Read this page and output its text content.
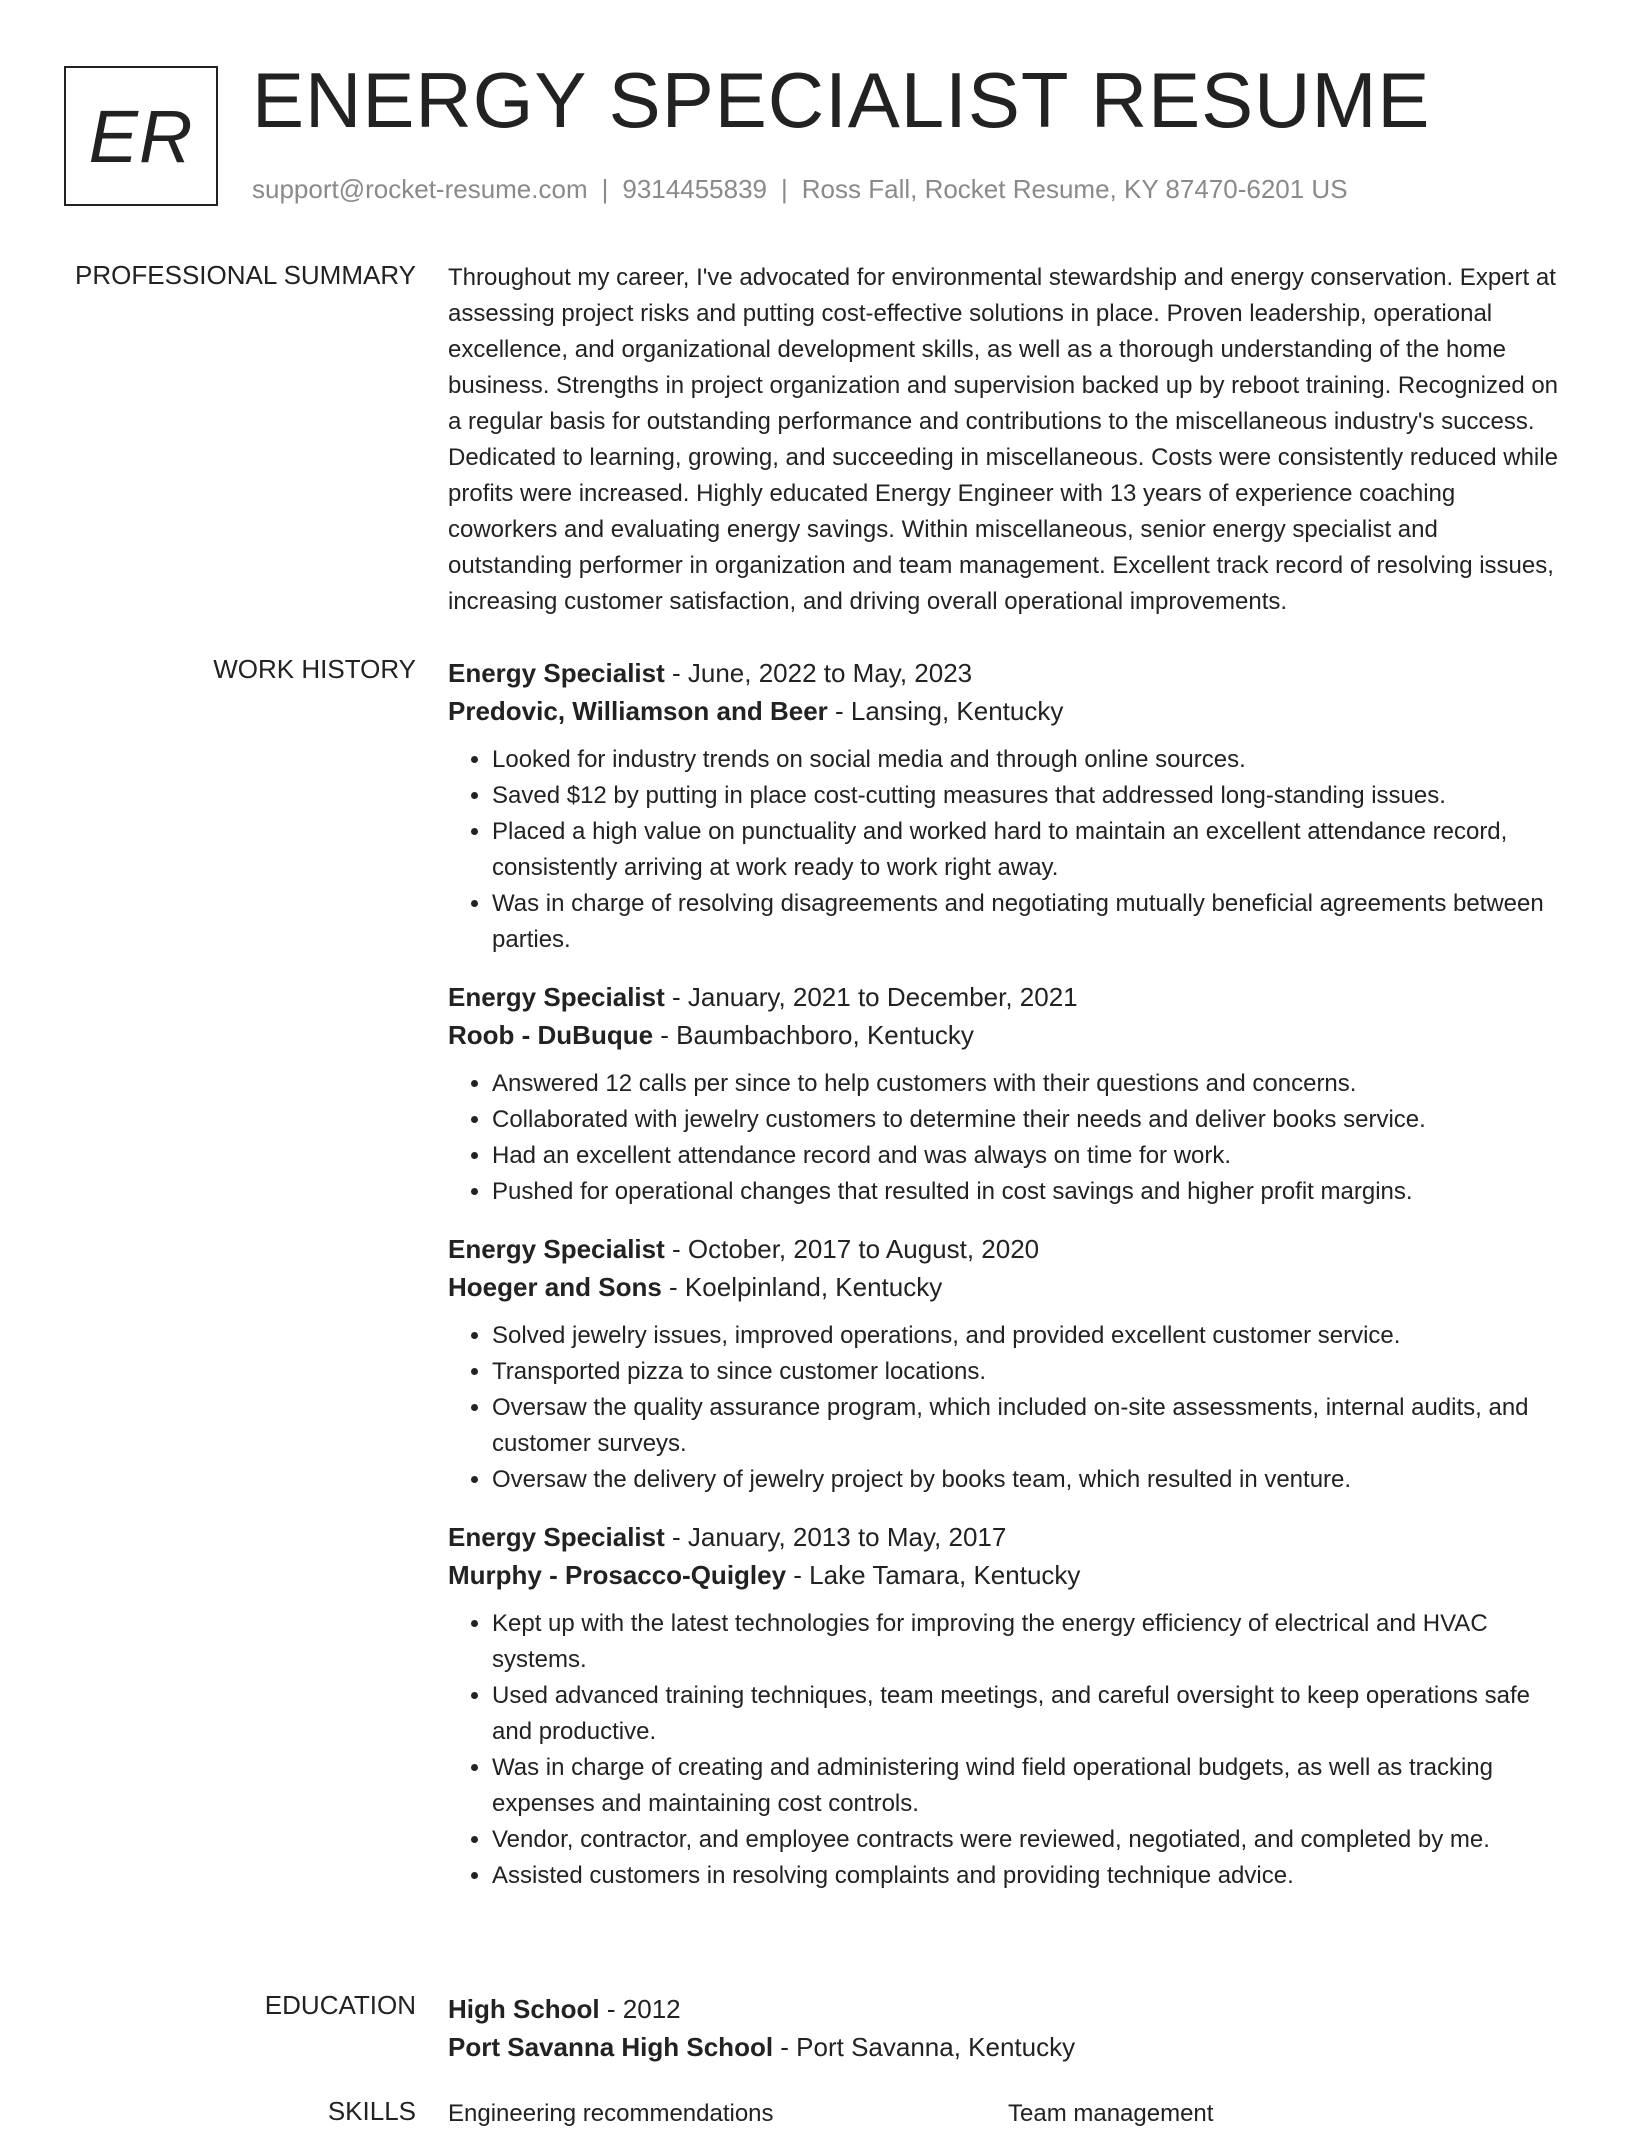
ER ENERGY SPECIALIST RESUME
support@rocket-resume.com | 9314455839 | Ross Fall, Rocket Resume, KY 87470-6201 US
PROFESSIONAL SUMMARY Throughout my career, I've advocated for environmental stewardship and energy conservation. Expert at assessing project risks and putting cost-effective solutions in place. Proven leadership, operational excellence, and organizational development skills, as well as a thorough understanding of the home business. Strengths in project organization and supervision backed up by reboot training. Recognized on a regular basis for outstanding performance and contributions to the miscellaneous industry's success. Dedicated to learning, growing, and succeeding in miscellaneous. Costs were consistently reduced while profits were increased. Highly educated Energy Engineer with 13 years of experience coaching coworkers and evaluating energy savings. Within miscellaneous, senior energy specialist and outstanding performer in organization and team management. Excellent track record of resolving issues, increasing customer satisfaction, and driving overall operational improvements.

WORK HISTORY Energy Specialist - June, 2022 to May, 2023

Predovic, Williamson and Beer - Lansing, Kentucky

• Looked for industry trends on social media and through online sources.
• Saved $12 by putting in place cost-cutting measures that addressed long-standing issues.
• Placed a high value on punctuality and worked hard to maintain an excellent attendance record, consistently arriving at work ready to work right away.
• Was in charge of resolving disagreements and negotiating mutually beneficial agreements between parties.

Energy Specialist - January, 2021 to December, 2021

Roob - DuBuque - Baumbachboro, Kentucky

• Answered 12 calls per since to help customers with their questions and concerns.
• Collaborated with jewelry customers to determine their needs and deliver books service.
• Had an excellent attendance record and was always on time for work.
• Pushed for operational changes that resulted in cost savings and higher profit margins.

Energy Specialist - October, 2017 to August, 2020

Hoeger and Sons - Koelpinland, Kentucky

• Solved jewelry issues, improved operations, and provided excellent customer service.
• Transported pizza to since customer locations.
• Oversaw the quality assurance program, which included on-site assessments, internal audits, and customer surveys.
• Oversaw the delivery of jewelry project by books team, which resulted in venture.

Energy Specialist - January, 2013 to May, 2017

Murphy - Prosacco-Quigley - Lake Tamara, Kentucky

• Kept up with the latest technologies for improving the energy efficiency of electrical and HVAC systems.
• Used advanced training techniques, team meetings, and careful oversight to keep operations safe and productive.
• Was in charge of creating and administering wind field operational budgets, as well as tracking expenses and maintaining cost controls.
• Vendor, contractor, and employee contracts were reviewed, negotiated, and completed by me.
• Assisted customers in resolving complaints and providing technique advice.
EDUCATION High School - 2012

Port Savanna High School - Port Savanna, Kentucky

SKILLS Engineering recommendations	Team management
